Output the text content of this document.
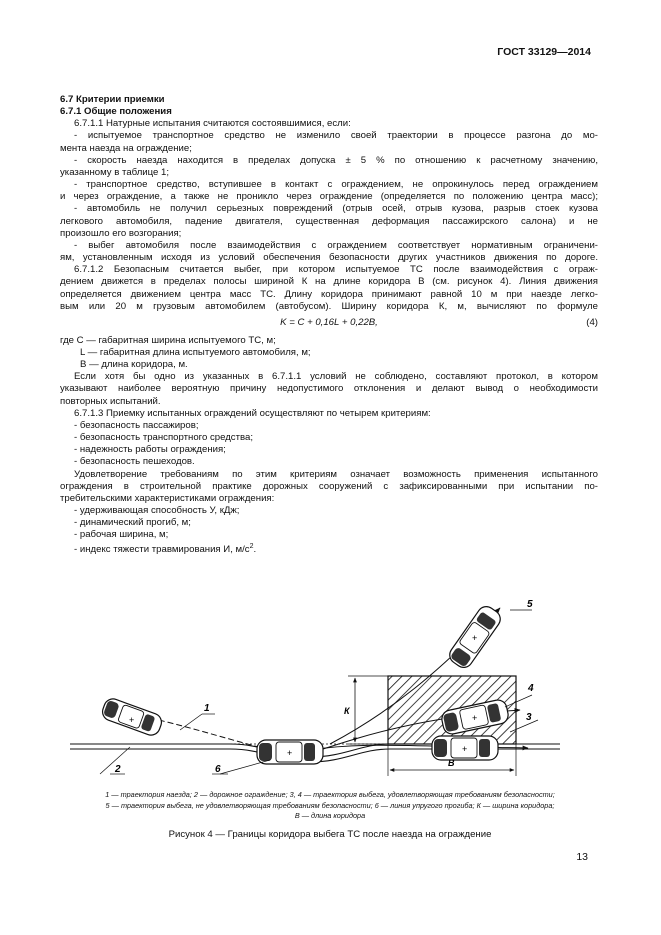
ГОСТ 33129—2014

6.7 Критерии приемки

6.7.1 Общие положения

6.7.1.1 Натурные испытания считаются состоявшимися, если:

- испытуемое транспортное средство не изменило своей траектории в процессе разгона до мо-

мента наезда на ограждение;

- скорость наезда находится в пределах допуска ± 5 % по отношению к расчетному значению,

указанному в таблице 1;

- транспортное средство, вступившее в контакт с ограждением, не опрокинулось перед ограждением

и через ограждение, а также не проникло через ограждение (определяется по положению центра масс);

- автомобиль не получил серьезных повреждений (отрыв осей, отрыв кузова, разрыв стоек кузова

легкового автомобиля, падение двигателя, существенная деформация пассажирского салона) и не

произошло его возгорания;

- выбег автомобиля после взаимодействия с ограждением соответствует нормативным ограничени-

ям, установленным исходя из условий обеспечения безопасности других участников движения по дороге.

6.7.1.2 Безопасным считается выбег, при котором испытуемое ТС после взаимодействия с ограж-

дением движется в пределах полосы шириной К на длине коридора В (см. рисунок 4). Линия движения

определяется движением центра масс ТС. Длину коридора принимают равной 10 м при наезде легко-

вым или 20 м грузовым автомобилем (автобусом). Ширину коридора К, м, вычисляют по формуле

K = C + 0,16L + 0,22B,	(4)

где С — габаритная ширина испытуемого ТС, м;

L — габаритная длина испытуемого автомобиля, м;

В — длина коридора, м.

Если хотя бы одно из указанных в 6.7.1.1 условий не соблюдено, составляют протокол, в котором

указывают наиболее вероятную причину недопустимого отклонения и делают вывод о необходимости

повторных испытаний.

6.7.1.3 Приемку испытанных ограждений осуществляют по четырем критериям:

- безопасность пассажиров;

- безопасность транспортного средства;

- надежность работы ограждения;

- безопасность пешеходов.

Удовлетворение требованиям по этим критериям означает возможность применения испытанного

ограждения в строительной практике дорожных сооружений с зафиксированными при испытании по-

требительскими характеристиками ограждения:

- удерживающая способность У, кДж;

- динамический прогиб, м;

- рабочая ширина, м;

- индекс тяжести травмирования И, $м/с^2$.

+
+
+
+
+
К
В
1
2
3
4
5
6
1 — траектория наезда; 2 — дорожное ограждение; 3, 4 — траектория выбега, удовлетворяющая требованиям безопасности;
5 — траектория выбега, не удовлетворяющая требованиям безопасности; 6 — линия упругого прогиба; К — ширина коридора;
В — длина коридора
Рисунок 4 — Границы коридора выбега ТС после наезда на ограждение
13
